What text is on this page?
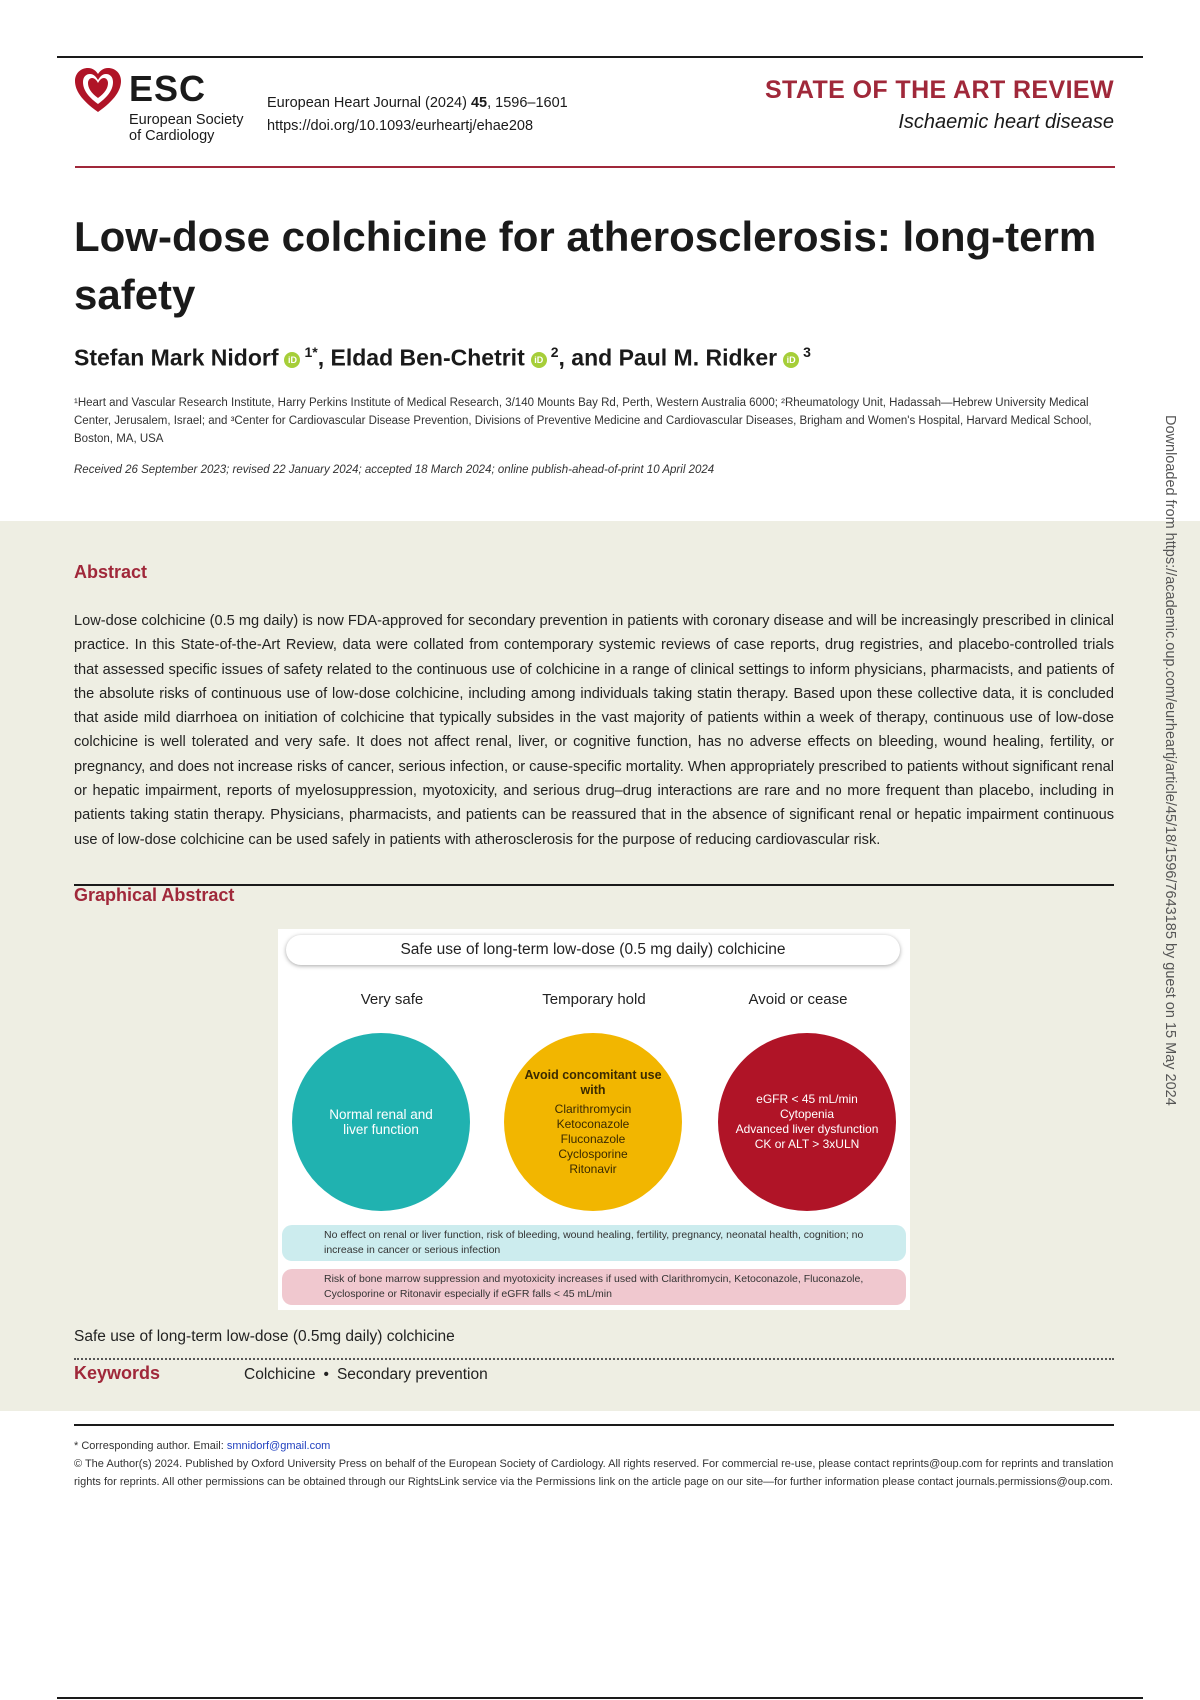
ESC
European Society
of Cardiology
European Heart Journal (2024) 45, 1596–1601
https://doi.org/10.1093/eurheartj/ehae208
STATE OF THE ART REVIEW
Ischaemic heart disease
Low-dose colchicine for atherosclerosis: long-term safety
Stefan Mark Nidorf iD $^{1*}$, Eldad Ben-Chetrit iD $^2$, and Paul M. Ridker iD $^3$
¹Heart and Vascular Research Institute, Harry Perkins Institute of Medical Research, 3/140 Mounts Bay Rd, Perth, Western Australia 6000; ²Rheumatology Unit, Hadassah—Hebrew University Medical Center, Jerusalem, Israel; and ³Center for Cardiovascular Disease Prevention, Divisions of Preventive Medicine and Cardiovascular Diseases, Brigham and Women's Hospital, Harvard Medical School, Boston, MA, USA
Received 26 September 2023; revised 22 January 2024; accepted 18 March 2024; online publish-ahead-of-print 10 April 2024
Abstract
Low-dose colchicine (0.5 mg daily) is now FDA-approved for secondary prevention in patients with coronary disease and will be increasingly prescribed in clinical practice. In this State-of-the-Art Review, data were collated from contemporary systemic reviews of case reports, drug registries, and placebo-controlled trials that assessed specific issues of safety related to the continuous use of colchicine in a range of clinical settings to inform physicians, pharmacists, and patients of the absolute risks of continuous use of low-dose colchicine, including among individuals taking statin therapy. Based upon these collective data, it is concluded that aside mild diarrhoea on initiation of colchicine that typically subsides in the vast majority of patients within a week of therapy, continuous use of low-dose colchicine is well tolerated and very safe. It does not affect renal, liver, or cognitive function, has no adverse effects on bleeding, wound healing, fertility, or pregnancy, and does not increase risks of cancer, serious infection, or cause-specific mortality. When appropriately prescribed to patients without significant renal or hepatic impairment, reports of myelosuppression, myotoxicity, and serious drug–drug interactions are rare and no more frequent than placebo, including in patients taking statin therapy. Physicians, pharmacists, and patients can be reassured that in the absence of significant renal or hepatic impairment continuous use of low-dose colchicine can be used safely in patients with atherosclerosis for the purpose of reducing cardiovascular risk.
Graphical Abstract
Safe use of long-term low-dose (0.5 mg daily) colchicine
Very safe	Temporary hold	Avoid or cease
Normal renal and
liver function
Avoid concomitant use with
Clarithromycin
Ketoconazole
Fluconazole
Cyclosporine
Ritonavir
eGFR < 45 mL/min
Cytopenia
Advanced liver dysfunction
CK or ALT > 3xULN
No effect on renal or liver function, risk of bleeding, wound healing, fertility, pregnancy, neonatal health, cognition; no increase in cancer or serious infection
Risk of bone marrow suppression and myotoxicity increases if used with Clarithromycin, Ketoconazole, Fluconazole, Cyclosporine or Ritonavir especially if eGFR falls < 45 mL/min
Safe use of long-term low-dose (0.5mg daily) colchicine
Keywords	Colchicine • Secondary prevention
* Corresponding author. Email: smnidorf@gmail.com
© The Author(s) 2024. Published by Oxford University Press on behalf of the European Society of Cardiology. All rights reserved. For commercial re-use, please contact reprints@oup.com for reprints and translation rights for reprints. All other permissions can be obtained through our RightsLink service via the Permissions link on the article page on our site—for further information please contact journals.permissions@oup.com.
Downloaded from https://academic.oup.com/eurheartj/article/45/18/1596/7643185 by guest on 15 May 2024
